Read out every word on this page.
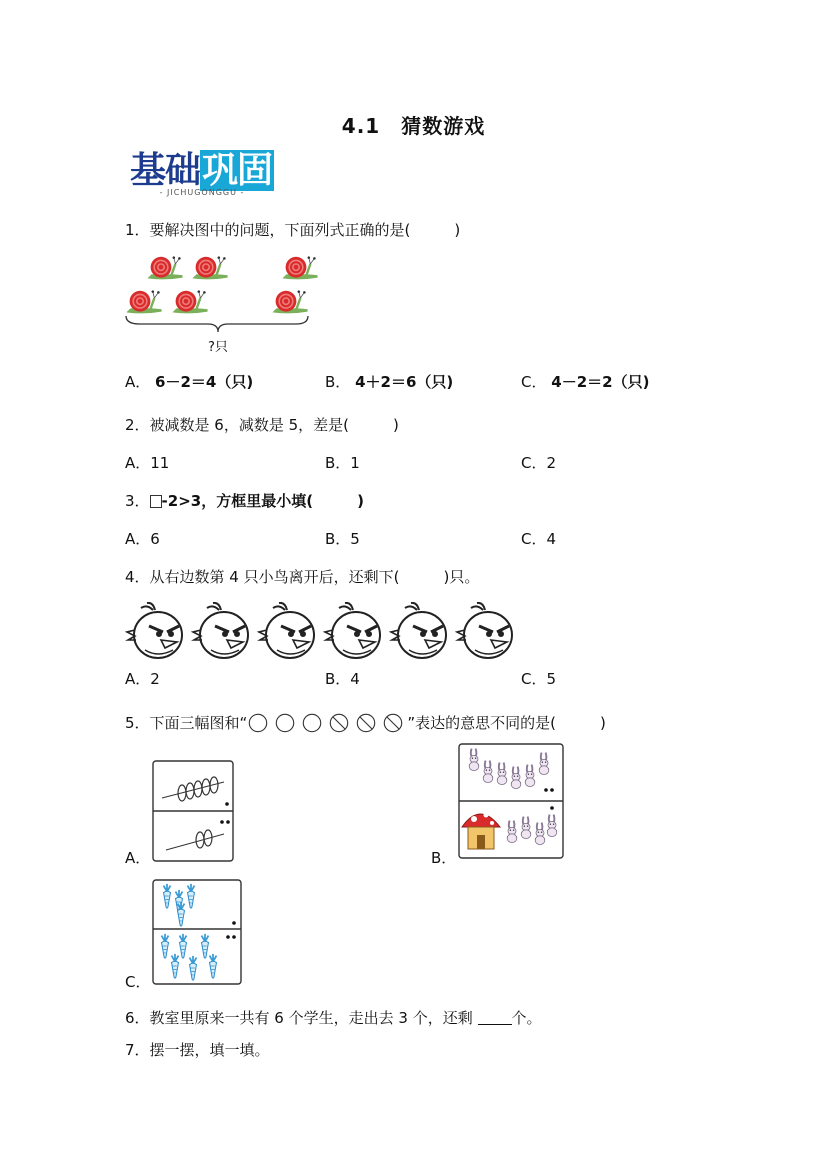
4.1　猜数游戏
基础巩固
- JICHUGONGGU -
1．要解决图中的问题，下面列式正确的是(	)
?只
A． 6－2＝4（只)	B． 4＋2＝6（只)	C． 4－2＝2（只)
2．被减数是 6，减数是 5，差是(	)
A．11	B．1	C．2
3． -2>3，方框里最小填(	)
A．6	B．5	C．4
4．从右边数第 4 只小鸟离开后，还剩下(	)只。
A．2	B．4	C．5
5．下面三幅图和“	”表达的意思不同的是(	)
A．	B．
C．
6．教室里原来一共有 6 个学生，走出去 3 个，还剩	个。
7．摆一摆，填一填。
